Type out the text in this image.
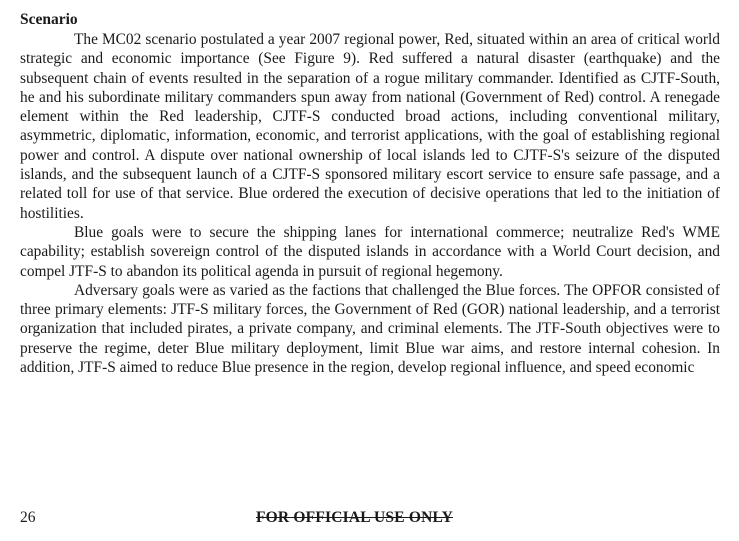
Scenario

The MC02 scenario postulated a year 2007 regional power, Red, situated within an area of critical world strategic and economic importance (See Figure 9). Red suffered a natural disaster (earthquake) and the subsequent chain of events resulted in the separation of a rogue military commander. Identified as CJTF-South, he and his subordinate military commanders spun away from national (Government of Red) control. A renegade element within the Red leadership, CJTF-S conducted broad actions, including conventional military, asymmetric, diplomatic, information, economic, and terrorist applications, with the goal of establishing regional power and control. A dispute over national ownership of local islands led to CJTF-S's seizure of the disputed islands, and the subsequent launch of a CJTF-S sponsored military escort service to ensure safe passage, and a related toll for use of that service. Blue ordered the execution of decisive operations that led to the initiation of hostilities.

Blue goals were to secure the shipping lanes for international commerce; neutralize Red's WME capability; establish sovereign control of the disputed islands in accordance with a World Court decision, and compel JTF-S to abandon its political agenda in pursuit of regional hegemony.

Adversary goals were as varied as the factions that challenged the Blue forces. The OPFOR consisted of three primary elements: JTF-S military forces, the Government of Red (GOR) national leadership, and a terrorist organization that included pirates, a private company, and criminal elements. The JTF-South objectives were to preserve the regime, deter Blue military deployment, limit Blue war aims, and restore internal cohesion. In addition, JTF-S aimed to reduce Blue presence in the region, develop regional influence, and speed economic

26	FOR OFFICIAL USE ONLY
